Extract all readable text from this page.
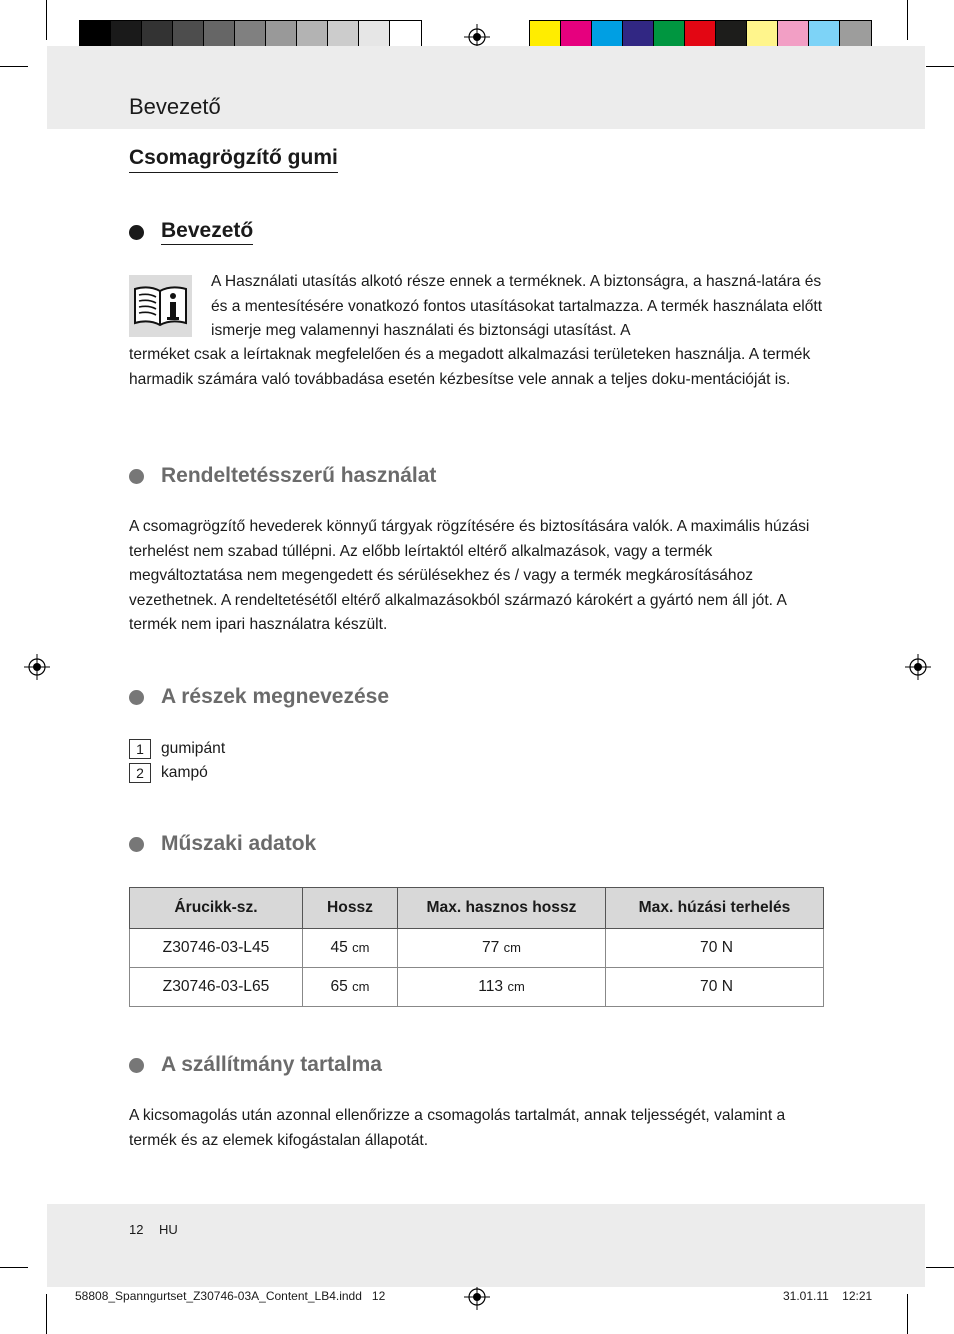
Bevezető
Csomagrögzítő gumi
Bevezető
A Használati utasítás alkotó része ennek a terméknek. A biztonságra, a haszná-latára és és a mentesítésére vonatkozó fontos utasításokat tartalmazza. A termék használata előtt ismerje meg valamennyi használati és biztonsági utasítást. A
terméket csak a leírtaknak megfelelően és a megadott alkalmazási területeken használja. A termék harmadik számára való továbbadása esetén kézbesítse vele annak a teljes doku-mentációját is.
Rendeltetésszerű használat
A csomagrögzítő hevederek könnyű tárgyak rögzítésére és biztosítására valók. A maximális húzási terhelést nem szabad túllépni. Az előbb leírtaktól eltérő alkalmazások, vagy a termék megváltoztatása nem megengedett és sérülésekhez és / vagy a termék megkárosításához vezethetnek. A rendeltetésétől eltérő alkalmazásokból származó károkért a gyártó nem áll jót. A termék nem ipari használatra készült.
A részek megnevezése
1	gumipánt
2	kampó
Műszaki adatok
Árucikk-sz.	Hossz	Max. hasznos hossz	Max. húzási terhelés
Z30746-03-L45	45 cm	77 cm	70 N
Z30746-03-L65	65 cm	113 cm	70 N
A szállítmány tartalma
A kicsomagolás után azonnal ellenőrizze a csomagolás tartalmát, annak teljességét, valamint a termék és az elemek kifogástalan állapotát.
12 HU
58808_Spanngurtset_Z30746-03A_Content_LB4.indd   12	31.01.11    12:21
